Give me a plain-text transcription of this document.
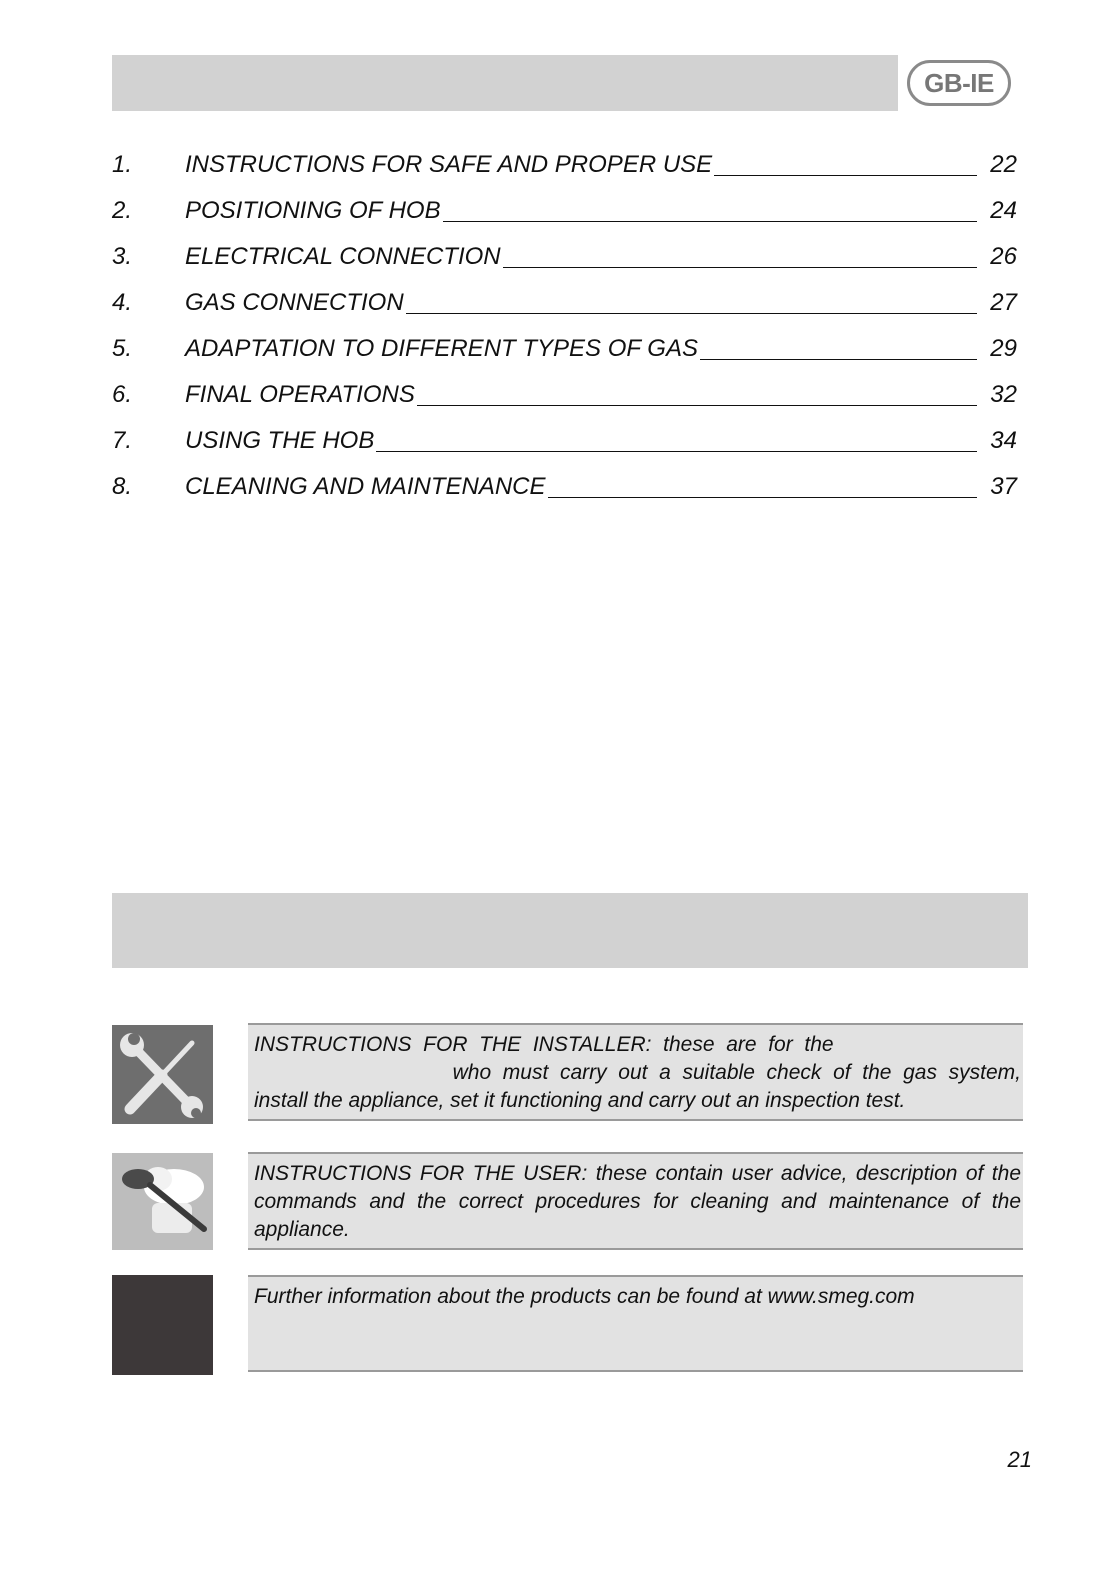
GB-IE
1.	INSTRUCTIONS FOR SAFE AND PROPER USE	22
2.	POSITIONING OF HOB	24
3.	ELECTRICAL CONNECTION	26
4.	GAS CONNECTION	27
5.	ADAPTATION TO DIFFERENT TYPES OF GAS	29
6.	FINAL OPERATIONS	32
7.	USING THE HOB	34
8.	CLEANING AND MAINTENANCE	37
INSTRUCTIONS  FOR  THE  INSTALLER:  these  are  for  the
who  must  carry  out  a  suitable  check  of  the  gas  system,
install the appliance, set it functioning and carry out an inspection test.
INSTRUCTIONS FOR THE USER: these contain user advice, description of the commands and the correct procedures for cleaning and maintenance of the appliance.
Further information about the products can be found at www.smeg.com
21
